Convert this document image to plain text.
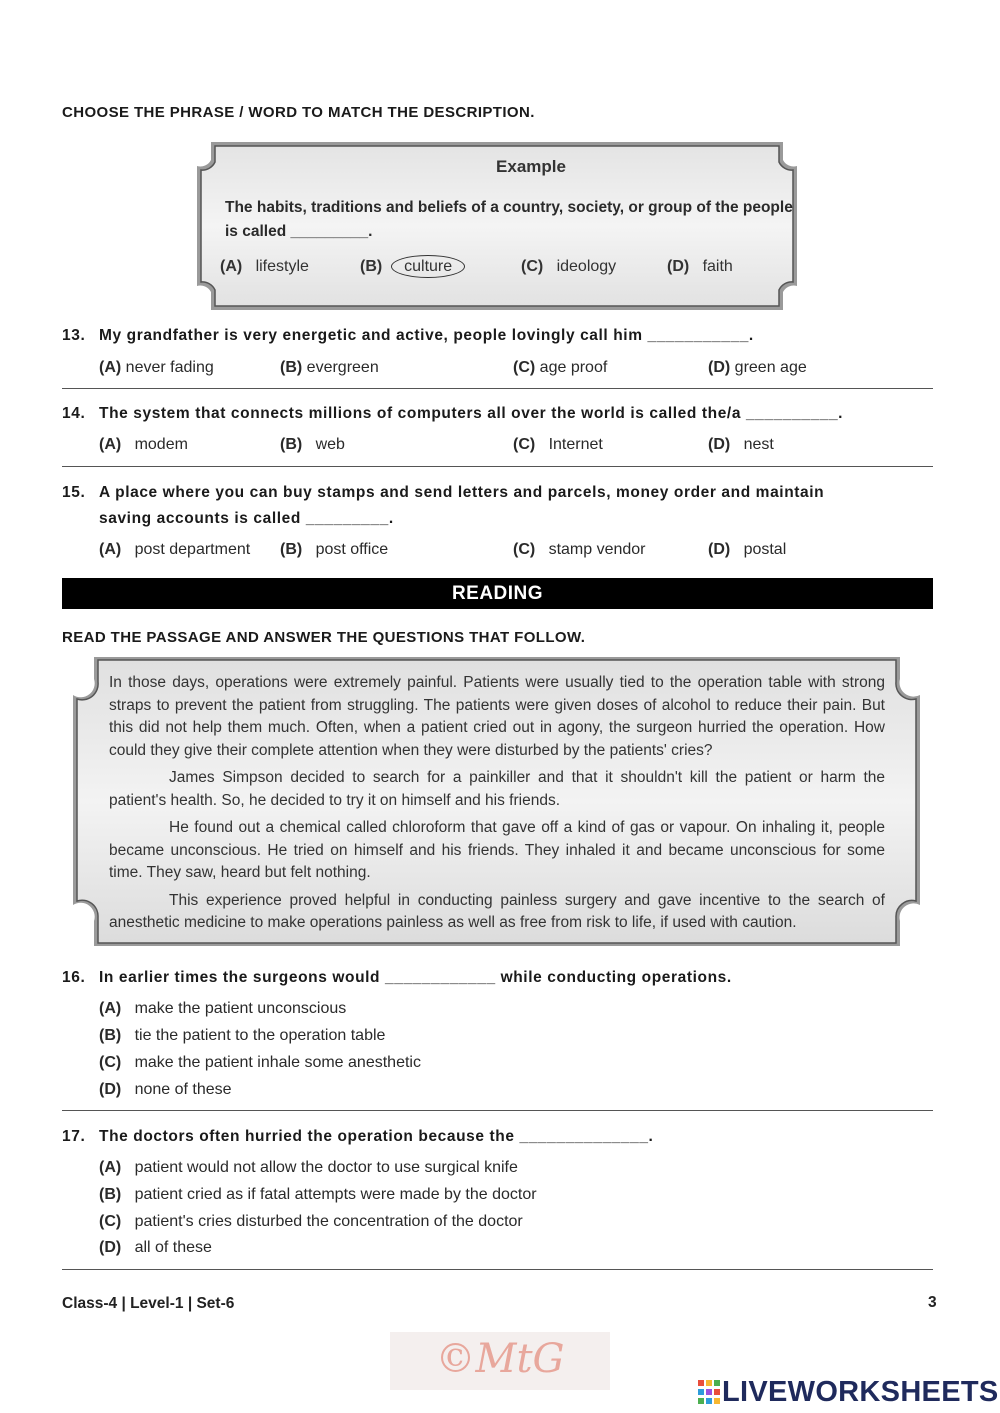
CHOOSE THE PHRASE / WORD TO MATCH THE DESCRIPTION.
Example
The habits, traditions and beliefs of a country, society, or group of the people is called _________.
(A) lifestyle	(B) culture	(C) ideology	(D) faith
13. My grandfather is very energetic and active, people lovingly call him ___________.
(A) never fading	(B) evergreen	(C) age proof	(D) green age
14. The system that connects millions of computers all over the world is called the/a __________.
(A) modem	(B) web	(C) Internet	(D) nest
15. A place where you can buy stamps and send letters and parcels, money order and maintain
saving accounts is called _________.
(A) post department (B) post office	(C) stamp vendor	(D) postal
READING
READ THE PASSAGE AND ANSWER THE QUESTIONS THAT FOLLOW.

In those days, operations were extremely painful. Patients were usually tied to the operation table with strong straps to prevent the patient from struggling. The patients were given doses of alcohol to reduce their pain. But this did not help them much. Often, when a patient cried out in agony, the surgeon hurried the operation. How could they give their complete attention when they were disturbed by the patients' cries?

James Simpson decided to search for a painkiller and that it shouldn't kill the patient or harm the patient's health. So, he decided to try it on himself and his friends.

He found out a chemical called chloroform that gave off a kind of gas or vapour. On inhaling it, people became unconscious. He tried on himself and his friends. They inhaled it and became unconscious for some time. They saw, heard but felt nothing.

This experience proved helpful in conducting painless surgery and gave incentive to the search of anesthetic medicine to make operations painless as well as free from risk to life, if used with caution.

16. In earlier times the surgeons would ____________ while conducting operations.
(A) make the patient unconscious
(B) tie the patient to the operation table
(C) make the patient inhale some anesthetic
(D) none of these
17. The doctors often hurried the operation because the ______________.
(A) patient would not allow the doctor to use surgical knife
(B) patient cried as if fatal attempts were made by the doctor
(C) patient's cries disturbed the concentration of the doctor
(D) all of these
Class-4 | Level-1 | Set-6	3
©MtG
LIVEWORKSHEETS
